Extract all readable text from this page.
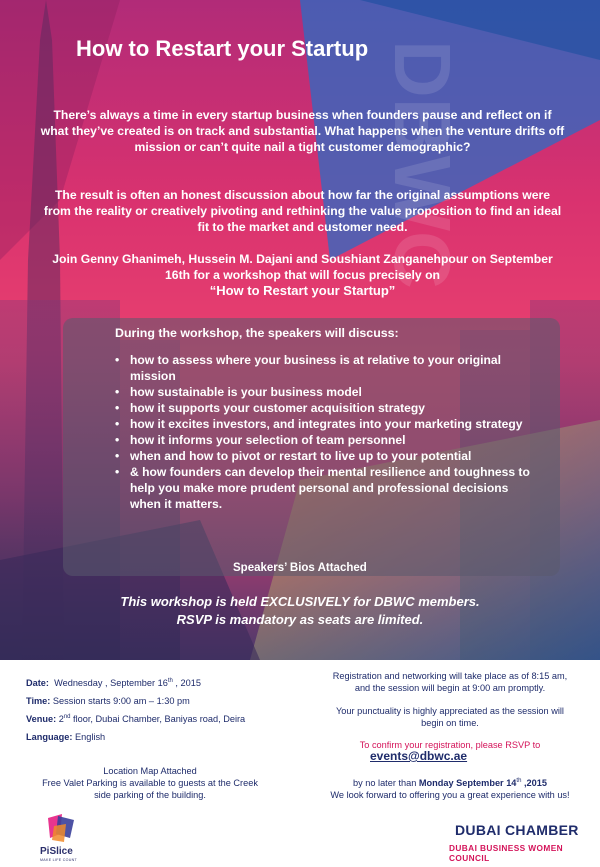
DBWC
How to Restart your Startup
There’s always a time in every startup business when founders pause and reflect on if what they’ve created is on track and substantial. What happens when the venture drifts off mission or can’t quite nail a tight customer demographic?
The result is often an honest discussion about how far the original assumptions were from the reality or creatively pivoting and rethinking the value proposition to find an ideal fit to the market and customer need.
Join Genny Ghanimeh, Hussein M. Dajani and Soushiant Zanganehpour on September 16th for a workshop that will focus precisely on
“How to Restart your Startup”
During the workshop, the speakers will discuss:
• how to assess where your business is at relative to your original mission
• how sustainable is your business model
• how it supports your customer acquisition strategy
• how it excites investors, and integrates into your marketing strategy
• how it informs your selection of team personnel
• when and how to pivot or restart to live up to your potential
• & how founders can develop their mental resilience and toughness to help you make more prudent personal and professional decisions when it matters.
Speakers’ Bios Attached
This workshop is held EXCLUSIVELY for DBWC members.
RSVP is mandatory as seats are limited.
Date: Wednesday , September 16th , 2015
Time: Session starts 9:00 am – 1:30 pm
Venue: 2nd floor, Dubai Chamber, Baniyas road, Deira
Language: English
Location Map Attached
Free Valet Parking is available to guests at the Creek
side parking of the building.
Registration and networking will take place as of 8:15 am,
and the session will begin at 9:00 am promptly.
Your punctuality is highly appreciated as the session will
begin on time.
To confirm your registration, please RSVP to
events@dbwc.ae
by no later than Monday September 14th ,2015
We look forward to offering you a great experience with us!
PiSlice
MAKE LIFE COUNT
DUBAI CHAMBER
DUBAI BUSINESS WOMEN COUNCIL
